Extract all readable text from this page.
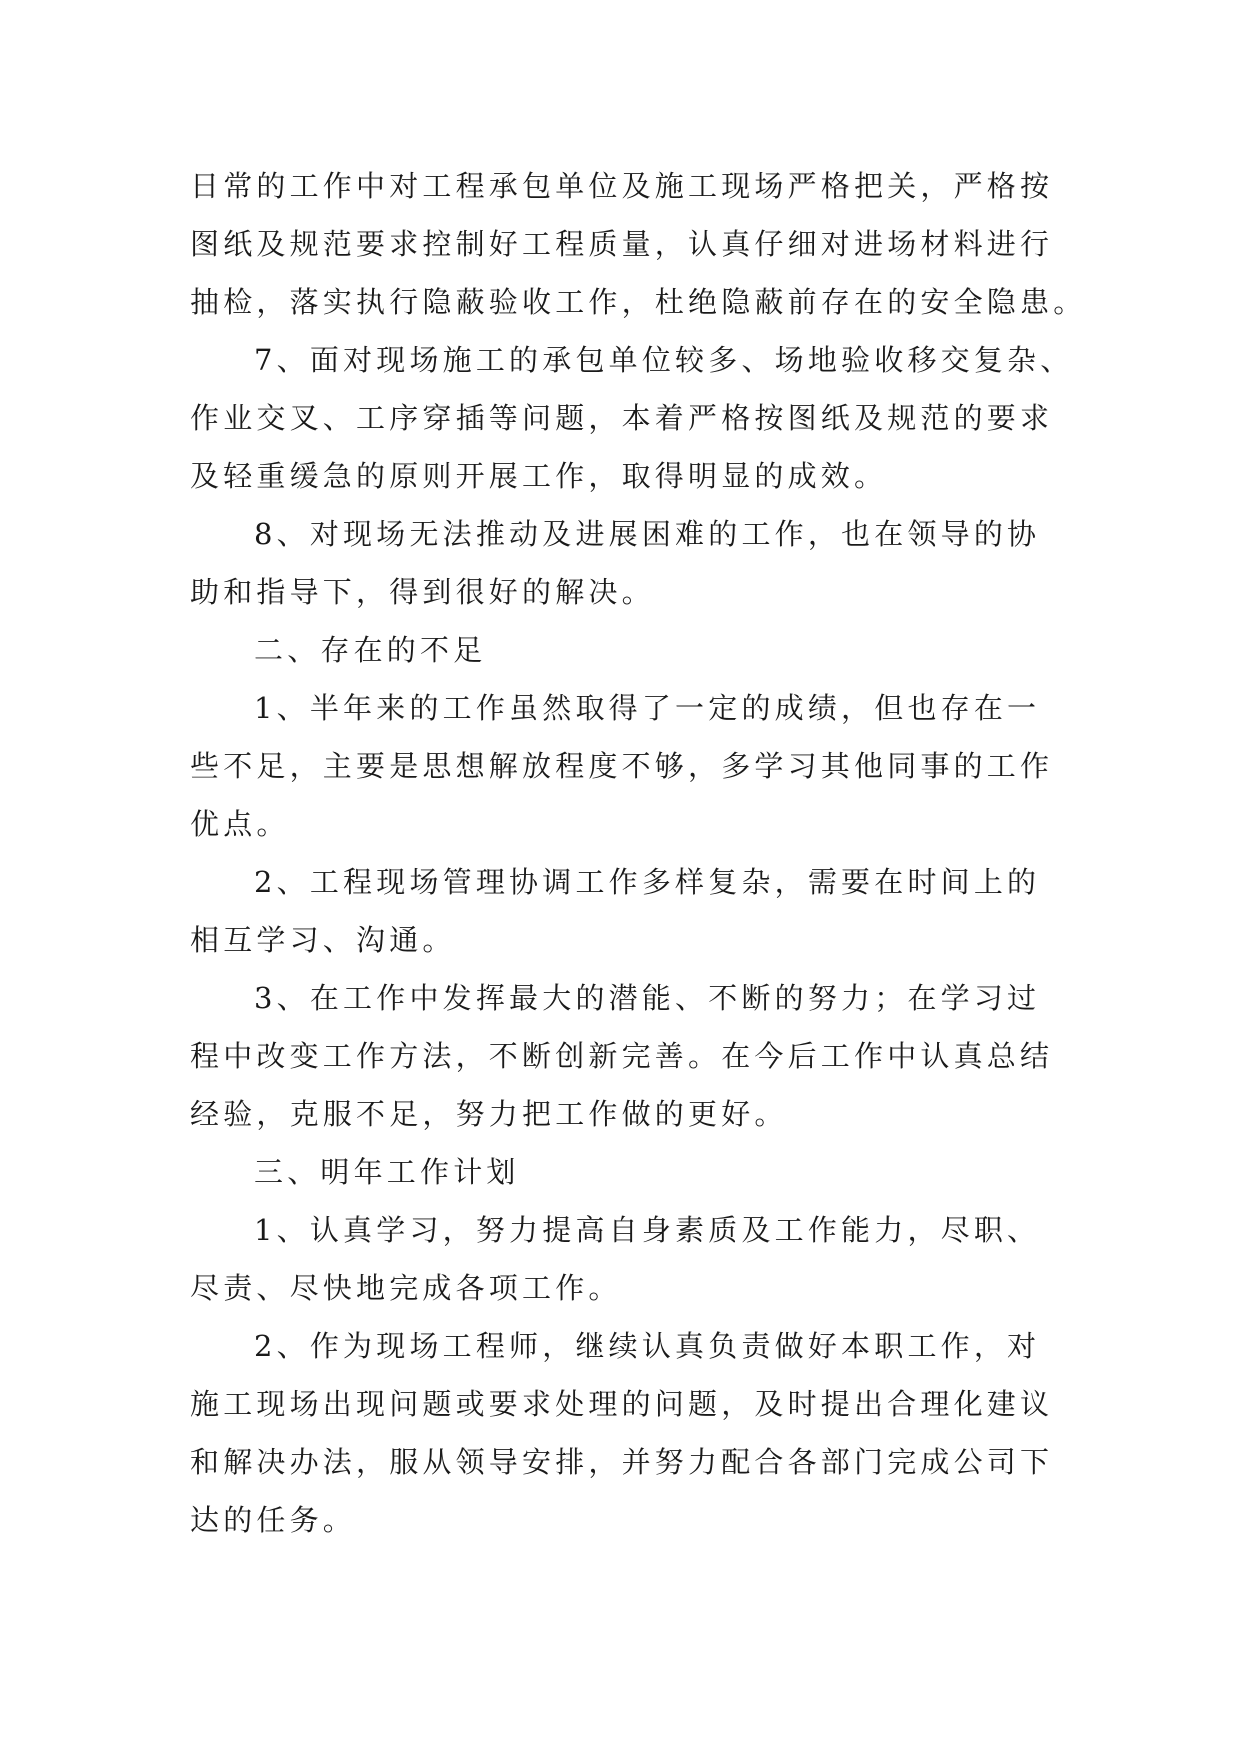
日常的工作中对工程承包单位及施工现场严格把关，严格按
图纸及规范要求控制好工程质量，认真仔细对进场材料进行
抽检，落实执行隐蔽验收工作，杜绝隐蔽前存在的安全隐患。
7、面对现场施工的承包单位较多、场地验收移交复杂、
作业交叉、工序穿插等问题，本着严格按图纸及规范的要求
及轻重缓急的原则开展工作，取得明显的成效。
8、对现场无法推动及进展困难的工作，也在领导的协
助和指导下，得到很好的解决。
二、存在的不足
1、半年来的工作虽然取得了一定的成绩，但也存在一
些不足，主要是思想解放程度不够，多学习其他同事的工作
优点。
2、工程现场管理协调工作多样复杂，需要在时间上的
相互学习、沟通。
3、在工作中发挥最大的潜能、不断的努力；在学习过
程中改变工作方法，不断创新完善。在今后工作中认真总结
经验，克服不足，努力把工作做的更好。
三、明年工作计划
1、认真学习，努力提高自身素质及工作能力，尽职、
尽责、尽快地完成各项工作。
2、作为现场工程师，继续认真负责做好本职工作，对
施工现场出现问题或要求处理的问题，及时提出合理化建议
和解决办法，服从领导安排，并努力配合各部门完成公司下
达的任务。
